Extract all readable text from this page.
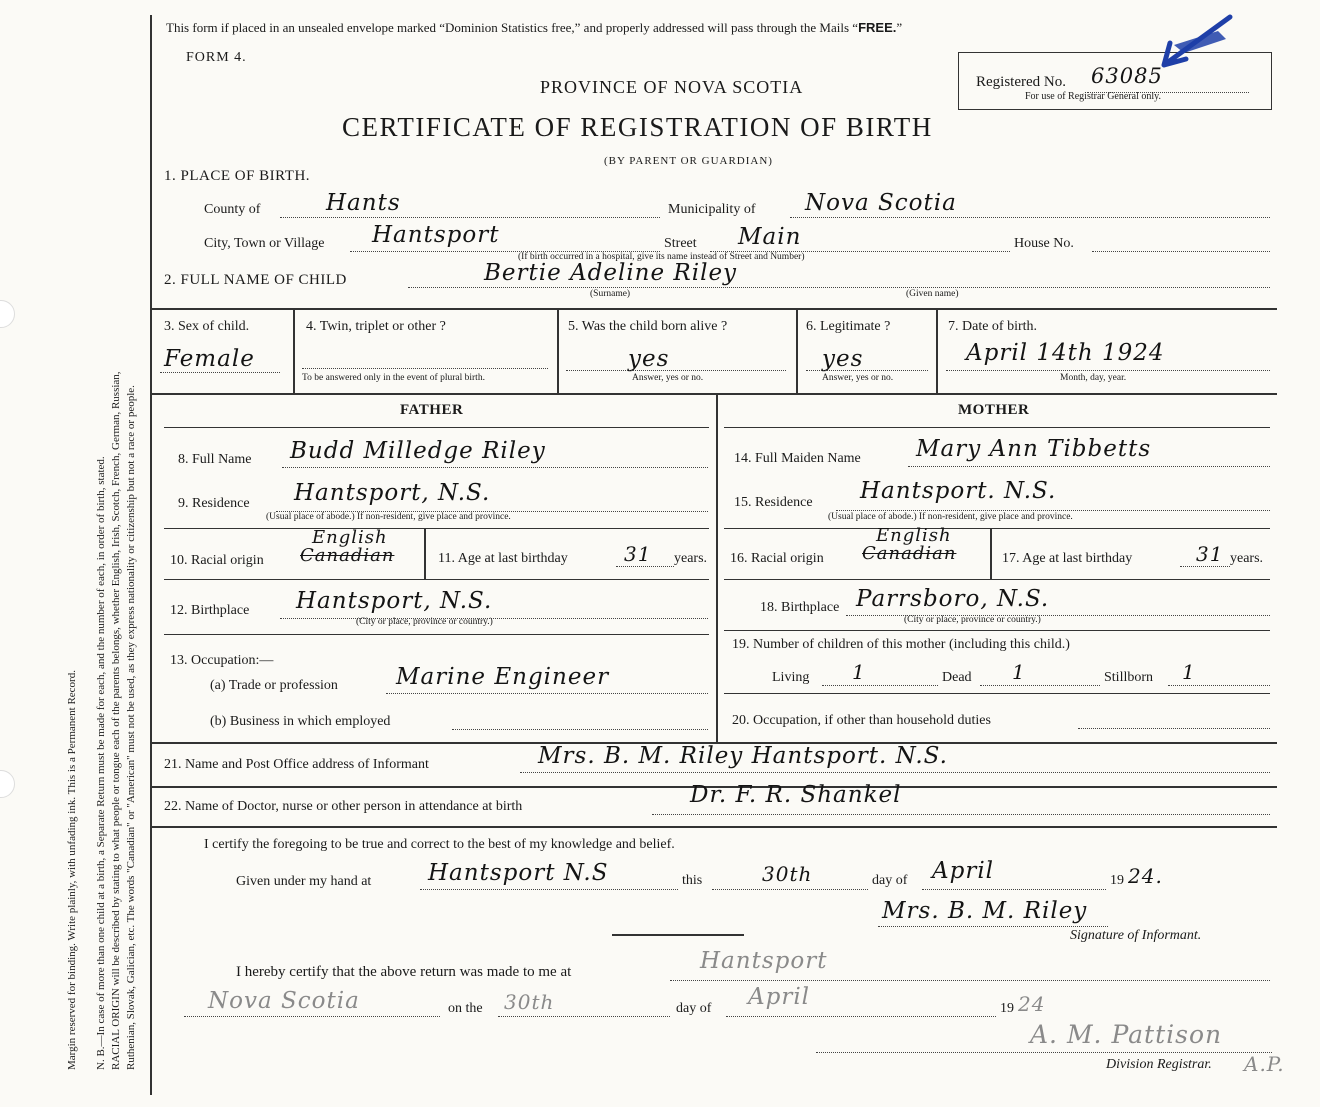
Margin reserved for binding. Write plainly, with unfading ink. This is a Permanent Record. N. B.—In case of more than one child at a birth, a Separate Return must be made for each, and the number of each, in order of birth, stated. RACIAL ORIGIN will be described by stating to what people or tongue each of the parents belongs, whether English, Irish, Scotch, French, German, Russian, Ruthenian, Slovak, Galician, etc. The words "Canadian" or "American" must not be used, as they express nationality or citizenship but not a race or people.
This form if placed in an unsealed envelope marked “Dominion Statistics free,” and properly addressed will pass through the Mails “FREE.”
FORM 4.
PROVINCE OF NOVA SCOTIA
CERTIFICATE OF REGISTRATION OF BIRTH
(BY PARENT OR GUARDIAN)
Registered No. 63085
For use of Registrar General only.
1. PLACE OF BIRTH.
County of	Hants	Municipality of Nova Scotia
City, Town or Village Hantsport	Street Main	House No.
(If birth occurred in a hospital, give its name instead of Street and Number)
2. FULL NAME OF CHILD	Bertie Adeline Riley
(Surname)	(Given name)
3. Sex of child.
Female
4. Twin, triplet or other ?
To be answered only in the event of plural birth.
5. Was the child born alive ?
yes
Answer, yes or no.
6. Legitimate ?
yes
Answer, yes or no.
7. Date of birth.
April 14th 1924
Month, day, year.
FATHER	MOTHER
8. Full Name Budd Milledge Riley
9. Residence Hantsport, N.S.
(Usual place of abode.) If non-resident, give place and province.
10. Racial origin Canadian
English
11. Age at last birthday	31 years.
12. Birthplace Hantsport, N.S.
(City or place, province or country.)
13. Occupation:—
(a) Trade or profession	Marine Engineer
(b) Business in which employed
14. Full Maiden Name Mary Ann Tibbetts
15. Residence Hantsport. N.S.
(Usual place of abode.) If non-resident, give place and province.
16. Racial origin Canadian
English
17. Age at last birthday	31 years.
18. Birthplace Parrsboro, N.S.
(City or place, province or country.)
19. Number of children of this mother (including this child.)
Living 1	Dead 1	Stillborn 1
20. Occupation, if other than household duties
21. Name and Post Office address of Informant	Mrs. B. M. Riley Hantsport. N.S.
22. Name of Doctor, nurse or other person in attendance at birth	Dr. F. R. Shankel
I certify the foregoing to be true and correct to the best of my knowledge and belief.
Given under my hand at Hantsport N.S	this	30th	day of April	19 24.
Mrs. B. M. Riley
Signature of Informant.
I hereby certify that the above return was made to me at	Hantsport
Nova Scotia	on the 30th	day of April	19 24
A. M. Pattison
Division Registrar. A.P.
